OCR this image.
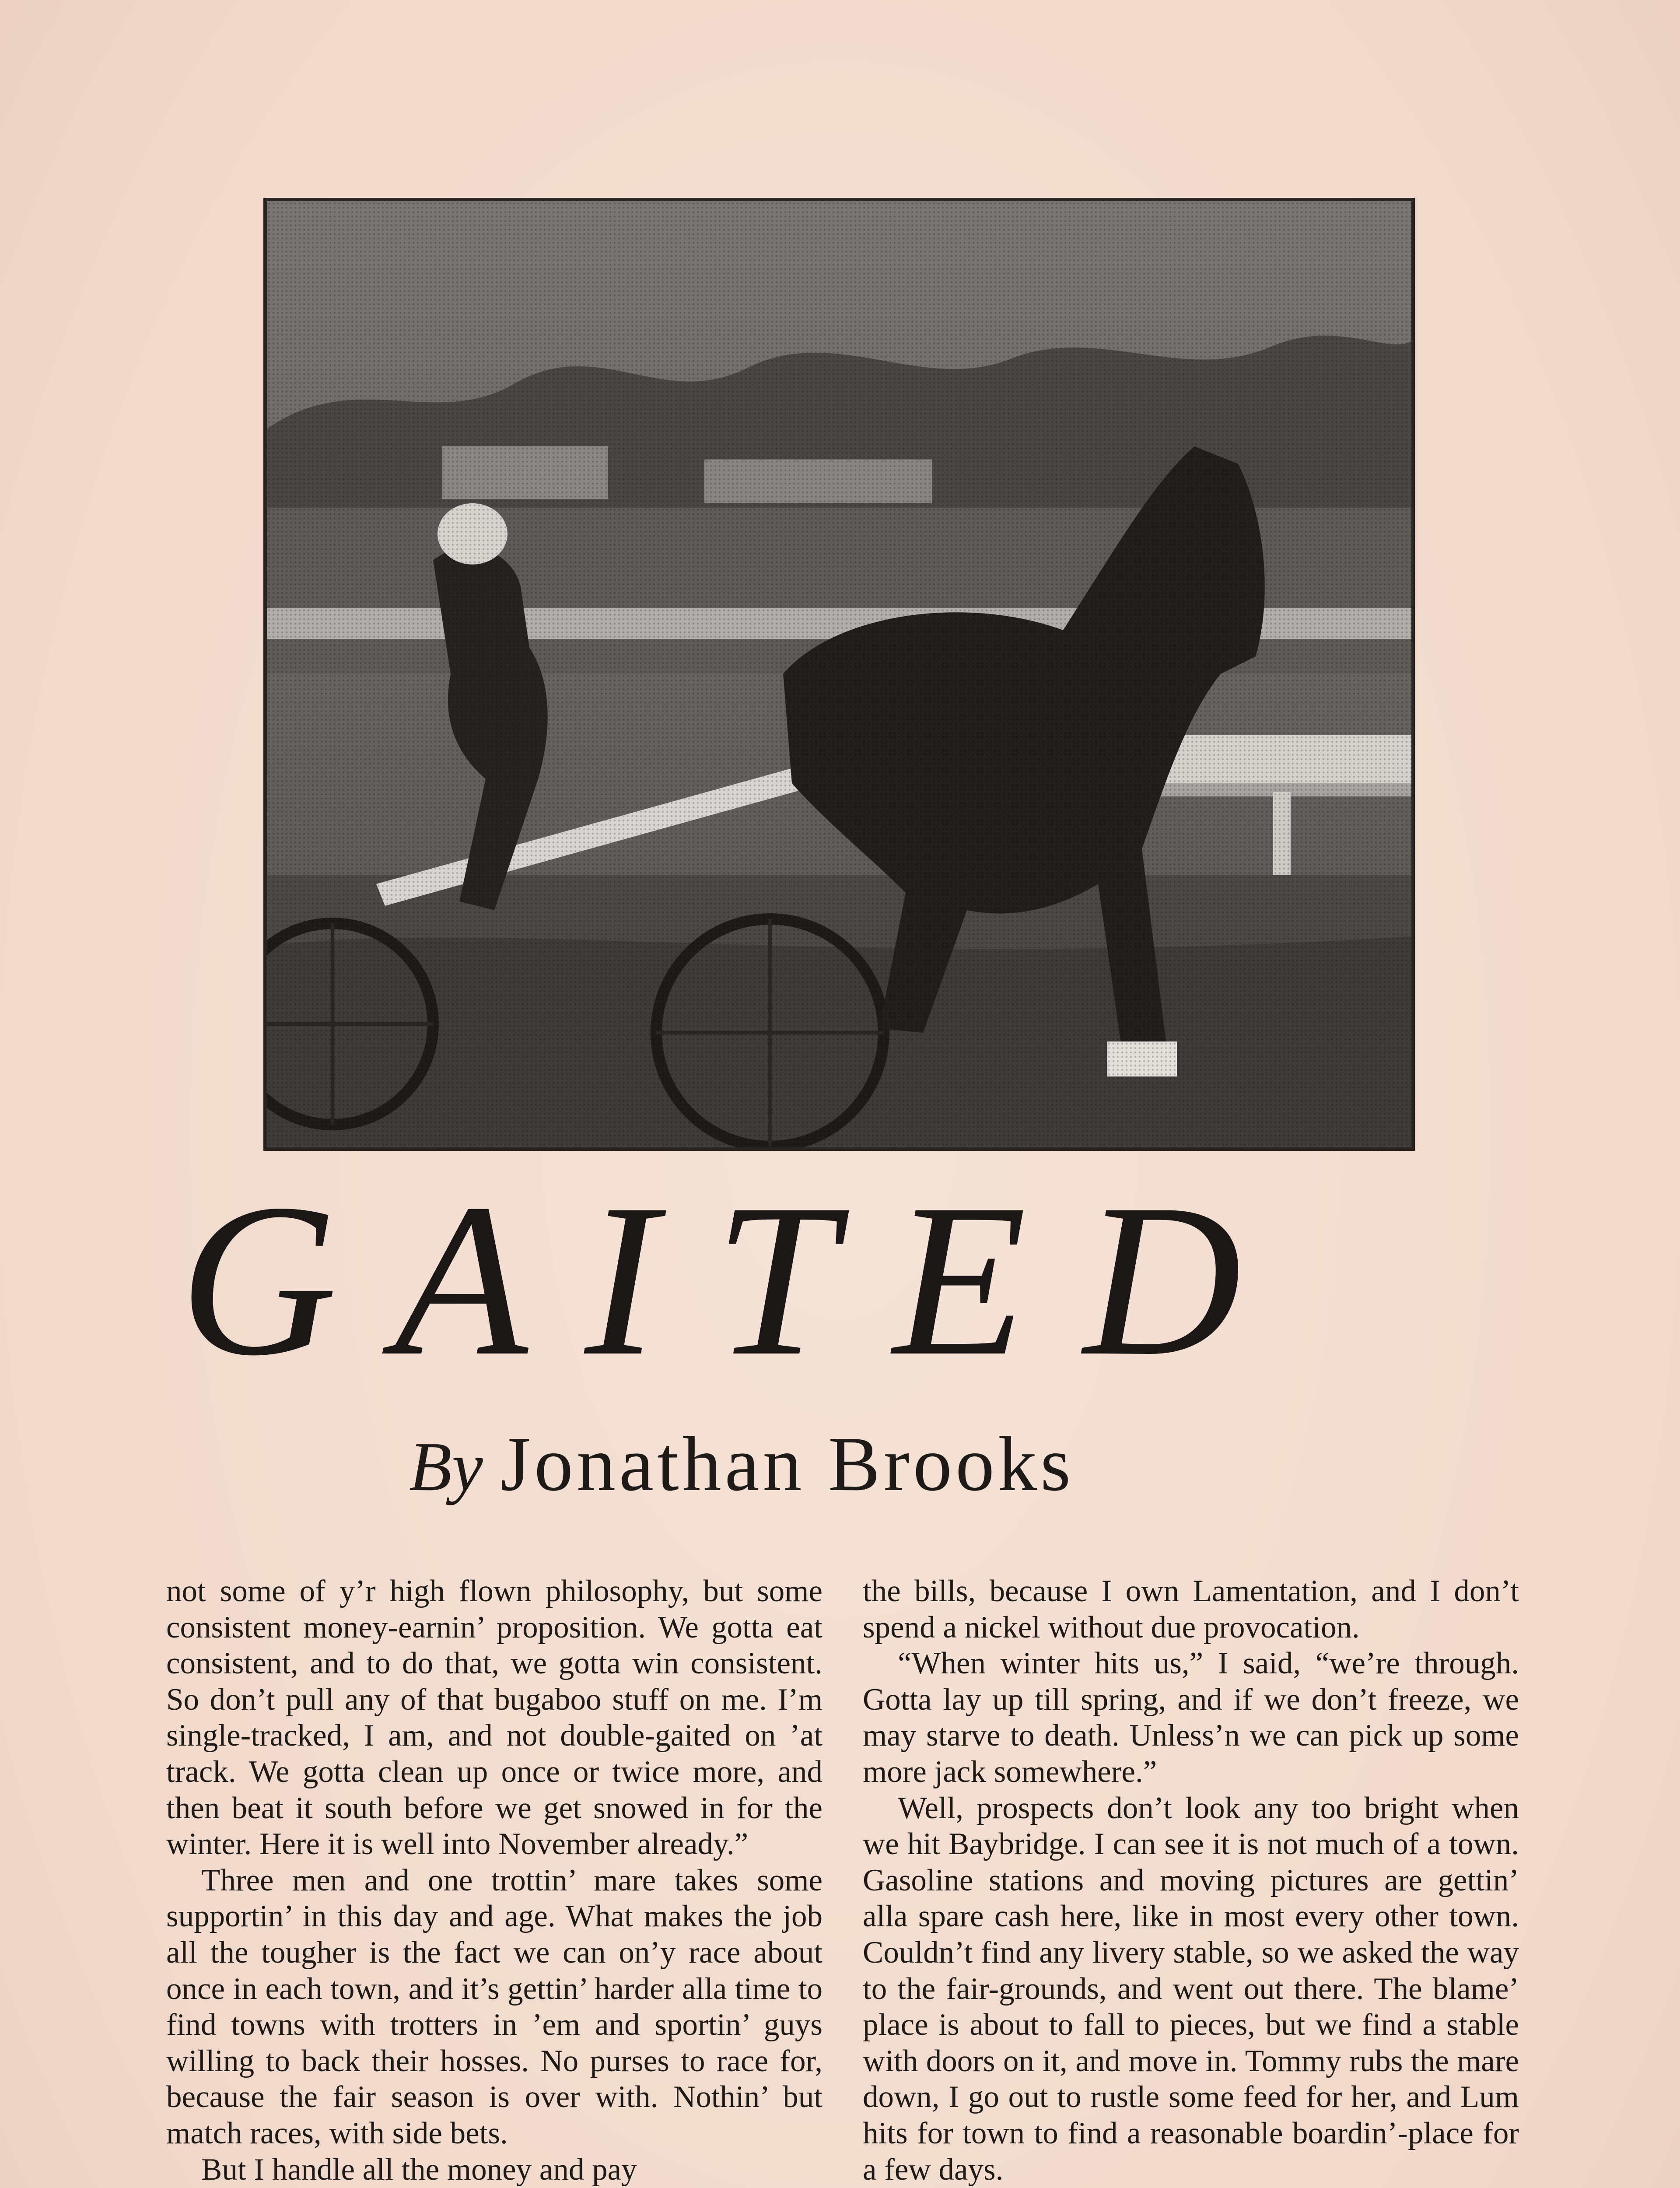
GAITED
By Jonathan Brooks

not some of y’r high flown philosophy, but some consistent money-earnin’ proposition. We gotta eat consistent, and to do that, we gotta win consistent. So don’t pull any of that bugaboo stuff on me. I’m single-tracked, I am, and not double-gaited on ’at track. We gotta clean up once or twice more, and then beat it south before we get snowed in for the winter. Here it is well into November already.”

Three men and one trottin’ mare takes some supportin’ in this day and age. What makes the job all the tougher is the fact we can on’y race about once in each town, and it’s gettin’ harder alla time to find towns with trotters in ’em and sportin’ guys willing to back their hosses. No purses to race for, because the fair season is over with. Nothin’ but match races, with side bets.

But I handle all the money and pay

the bills, because I own Lamentation, and I don’t spend a nickel without due provocation.

“When winter hits us,” I said, “we’re through. Gotta lay up till spring, and if we don’t freeze, we may starve to death. Unless’n we can pick up some more jack somewhere.”

Well, prospects don’t look any too bright when we hit Baybridge. I can see it is not much of a town. Gasoline stations and moving pictures are gettin’ alla spare cash here, like in most every other town. Couldn’t find any livery stable, so we asked the way to the fair-grounds, and went out there. The blame’ place is about to fall to pieces, but we find a stable with doors on it, and move in. Tommy rubs the mare down, I go out to rustle some feed for her, and Lum hits for town to find a reasonable boardin’-place for a few days.
